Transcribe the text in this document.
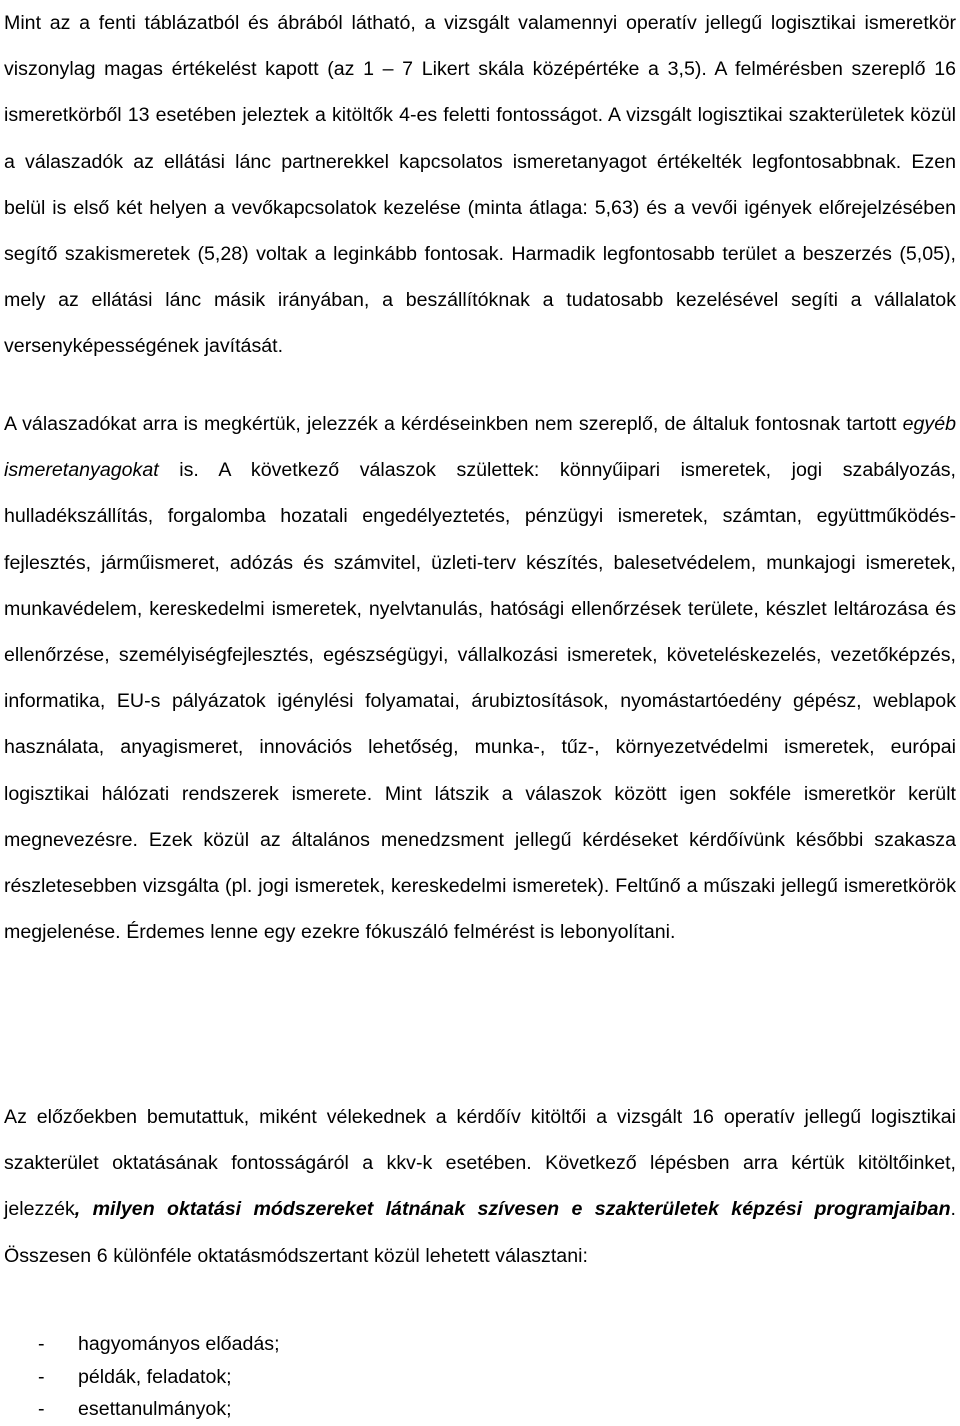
Mint az a fenti táblázatból és ábrából látható, a vizsgált valamennyi operatív jellegű logisztikai ismeretkör viszonylag magas értékelést kapott (az 1 – 7 Likert skála középértéke a 3,5). A felmérésben szereplő 16 ismeretkörből 13 esetében jeleztek a kitöltők 4-es feletti fontosságot. A vizsgált logisztikai szakterületek közül a válaszadók az ellátási lánc partnerekkel kapcsolatos ismeretanyagot értékelték legfontosabbnak. Ezen belül is első két helyen a vevőkapcsolatok kezelése (minta átlaga: 5,63) és a vevői igények előrejelzésében segítő szakismeretek (5,28) voltak a leginkább fontosak. Harmadik legfontosabb terület a beszerzés (5,05), mely az ellátási lánc másik irányában, a beszállítóknak a tudatosabb kezelésével segíti a vállalatok versenyképességének javítását.

A válaszadókat arra is megkértük, jelezzék a kérdéseinkben nem szereplő, de általuk fontosnak tartott egyéb ismeretanyagokat is. A következő válaszok születtek: könnyűipari ismeretek, jogi szabályozás, hulladékszállítás, forgalomba hozatali engedélyeztetés, pénzügyi ismeretek, számtan, együttműködés-fejlesztés, járműismeret, adózás és számvitel, üzleti-terv készítés, balesetvédelem, munkajogi ismeretek, munkavédelem, kereskedelmi ismeretek, nyelvtanulás, hatósági ellenőrzések területe, készlet leltározása és ellenőrzése, személyiségfejlesztés, egészségügyi, vállalkozási ismeretek, követeléskezelés, vezetőképzés, informatika, EU-s pályázatok igénylési folyamatai, árubiztosítások, nyomástartóedény gépész, weblapok használata, anyagismeret, innovációs lehetőség, munka-, tűz-, környezetvédelmi ismeretek, európai logisztikai hálózati rendszerek ismerete. Mint látszik a válaszok között igen sokféle ismeretkör került megnevezésre. Ezek közül az általános menedzsment jellegű kérdéseket kérdőívünk későbbi szakasza részletesebben vizsgálta (pl. jogi ismeretek, kereskedelmi ismeretek). Feltűnő a műszaki jellegű ismeretkörök megjelenése. Érdemes lenne egy ezekre fókuszáló felmérést is lebonyolítani.

Az előzőekben bemutattuk, miként vélekednek a kérdőív kitöltői a vizsgált 16 operatív jellegű logisztikai szakterület oktatásának fontosságáról a kkv-k esetében. Következő lépésben arra kértük kitöltőinket, jelezzék, milyen oktatási módszereket látnának szívesen e szakterületek képzési programjaiban. Összesen 6 különféle oktatásmódszertant közül lehetett választani:

- hagyományos előadás;
- példák, feladatok;
- esettanulmányok;
